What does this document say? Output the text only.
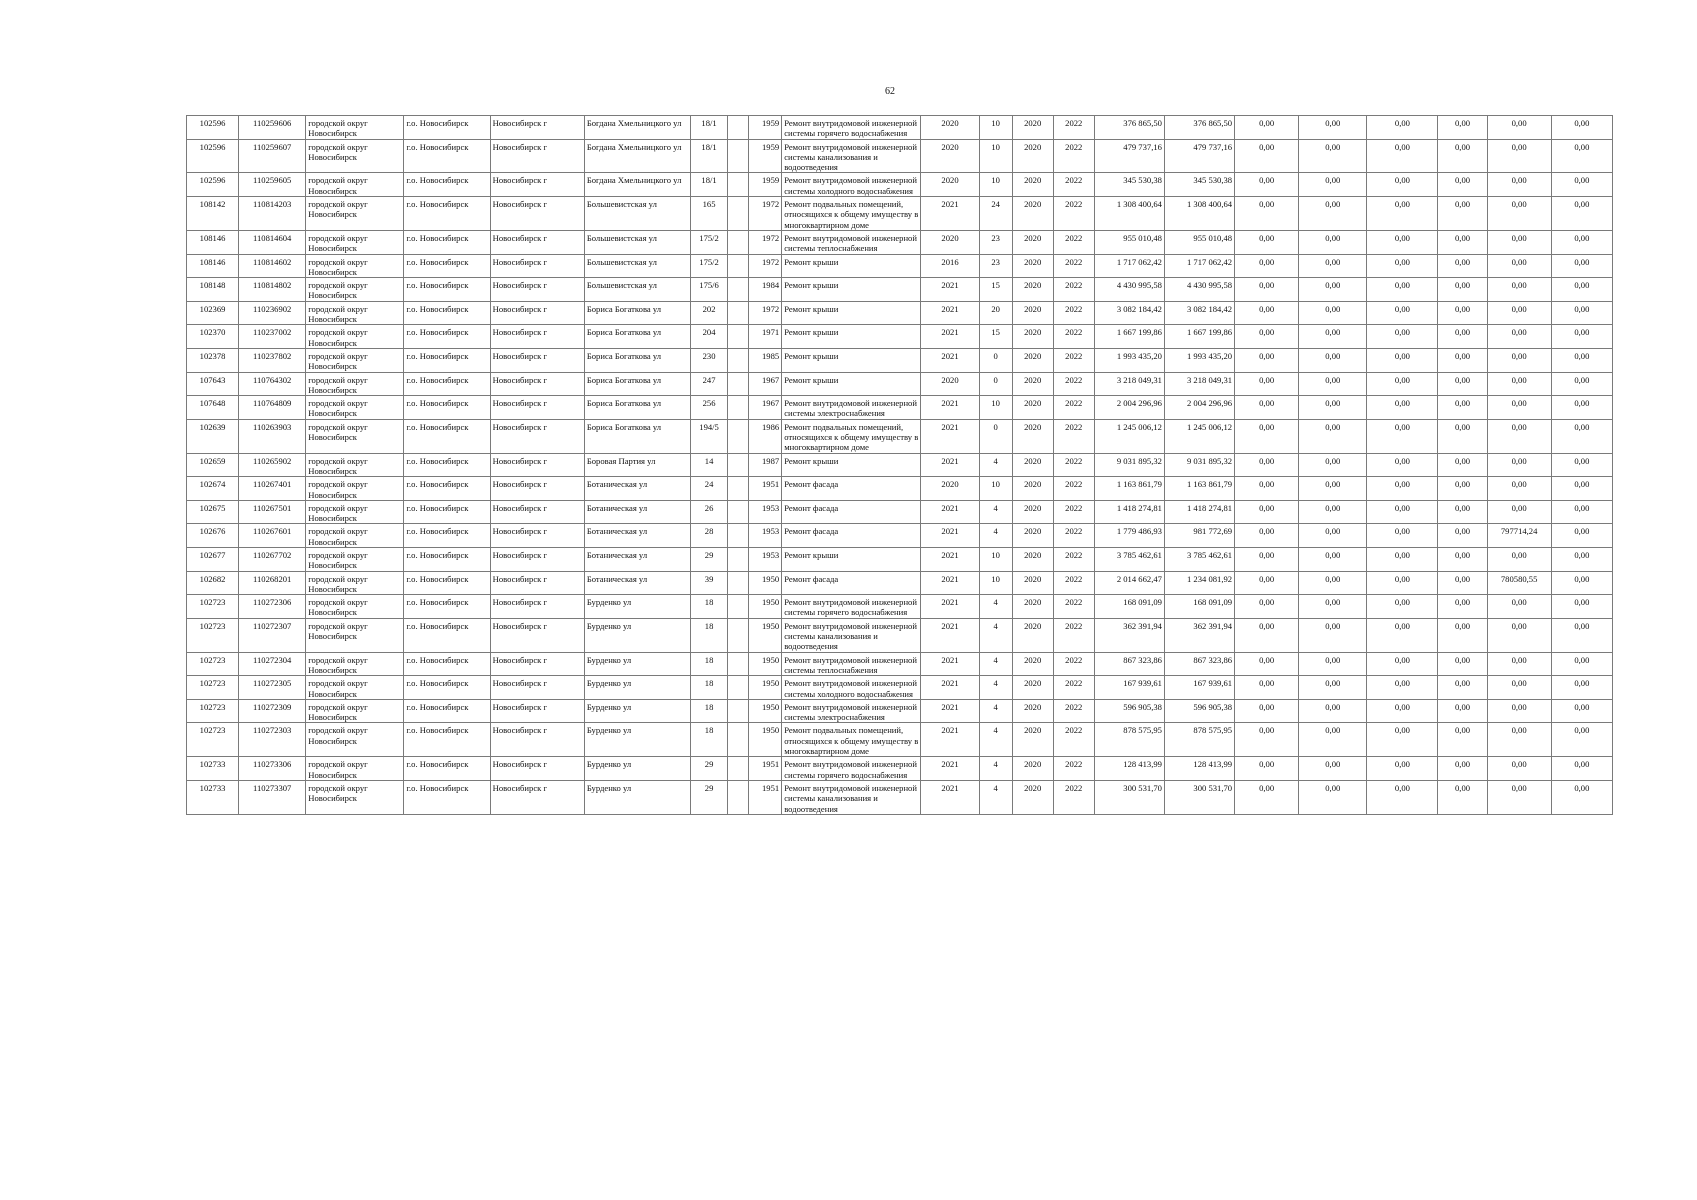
62
102596	110259606	городской округ Новосибирск	г.о. Новосибирск	Новосибирск г	Богдана Хмельницкого ул	18/1		1959	Ремонт внутридомовой инженерной системы горячего водоснабжения	2020	10	2020	2022	376 865,50	376 865,50	0,00	0,00	0,00	0,00	0,00	0,00
102596	110259607	городской округ Новосибирск	г.о. Новосибирск	Новосибирск г	Богдана Хмельницкого ул	18/1		1959	Ремонт внутридомовой инженерной системы канализования и водоотведения	2020	10	2020	2022	479 737,16	479 737,16	0,00	0,00	0,00	0,00	0,00	0,00
102596	110259605	городской округ Новосибирск	г.о. Новосибирск	Новосибирск г	Богдана Хмельницкого ул	18/1		1959	Ремонт внутридомовой инженерной системы холодного водоснабжения	2020	10	2020	2022	345 530,38	345 530,38	0,00	0,00	0,00	0,00	0,00	0,00
108142	110814203	городской округ Новосибирск	г.о. Новосибирск	Новосибирск г	Большевистская ул	165		1972	Ремонт подвальных помещений, относящихся к общему имуществу в многоквартирном доме	2021	24	2020	2022	1 308 400,64	1 308 400,64	0,00	0,00	0,00	0,00	0,00	0,00
108146	110814604	городской округ Новосибирск	г.о. Новосибирск	Новосибирск г	Большевистская ул	175/2		1972	Ремонт внутридомовой инженерной системы теплоснабжения	2020	23	2020	2022	955 010,48	955 010,48	0,00	0,00	0,00	0,00	0,00	0,00
108146	110814602	городской округ Новосибирск	г.о. Новосибирск	Новосибирск г	Большевистская ул	175/2		1972	Ремонт крыши	2016	23	2020	2022	1 717 062,42	1 717 062,42	0,00	0,00	0,00	0,00	0,00	0,00
108148	110814802	городской округ Новосибирск	г.о. Новосибирск	Новосибирск г	Большевистская ул	175/6		1984	Ремонт крыши	2021	15	2020	2022	4 430 995,58	4 430 995,58	0,00	0,00	0,00	0,00	0,00	0,00
102369	110236902	городской округ Новосибирск	г.о. Новосибирск	Новосибирск г	Бориса Богаткова ул	202		1972	Ремонт крыши	2021	20	2020	2022	3 082 184,42	3 082 184,42	0,00	0,00	0,00	0,00	0,00	0,00
102370	110237002	городской округ Новосибирск	г.о. Новосибирск	Новосибирск г	Бориса Богаткова ул	204		1971	Ремонт крыши	2021	15	2020	2022	1 667 199,86	1 667 199,86	0,00	0,00	0,00	0,00	0,00	0,00
102378	110237802	городской округ Новосибирск	г.о. Новосибирск	Новосибирск г	Бориса Богаткова ул	230		1985	Ремонт крыши	2021	0	2020	2022	1 993 435,20	1 993 435,20	0,00	0,00	0,00	0,00	0,00	0,00
107643	110764302	городской округ Новосибирск	г.о. Новосибирск	Новосибирск г	Бориса Богаткова ул	247		1967	Ремонт крыши	2020	0	2020	2022	3 218 049,31	3 218 049,31	0,00	0,00	0,00	0,00	0,00	0,00
107648	110764809	городской округ Новосибирск	г.о. Новосибирск	Новосибирск г	Бориса Богаткова ул	256		1967	Ремонт внутридомовой инженерной системы электроснабжения	2021	10	2020	2022	2 004 296,96	2 004 296,96	0,00	0,00	0,00	0,00	0,00	0,00
102639	110263903	городской округ Новосибирск	г.о. Новосибирск	Новосибирск г	Бориса Богаткова ул	194/5		1986	Ремонт подвальных помещений, относящихся к общему имуществу в многоквартирном доме	2021	0	2020	2022	1 245 006,12	1 245 006,12	0,00	0,00	0,00	0,00	0,00	0,00
102659	110265902	городской округ Новосибирск	г.о. Новосибирск	Новосибирск г	Боровая Партия ул	14		1987	Ремонт крыши	2021	4	2020	2022	9 031 895,32	9 031 895,32	0,00	0,00	0,00	0,00	0,00	0,00
102674	110267401	городской округ Новосибирск	г.о. Новосибирск	Новосибирск г	Ботаническая ул	24		1951	Ремонт фасада	2020	10	2020	2022	1 163 861,79	1 163 861,79	0,00	0,00	0,00	0,00	0,00	0,00
102675	110267501	городской округ Новосибирск	г.о. Новосибирск	Новосибирск г	Ботаническая ул	26		1953	Ремонт фасада	2021	4	2020	2022	1 418 274,81	1 418 274,81	0,00	0,00	0,00	0,00	0,00	0,00
102676	110267601	городской округ Новосибирск	г.о. Новосибирск	Новосибирск г	Ботаническая ул	28		1953	Ремонт фасада	2021	4	2020	2022	1 779 486,93	981 772,69	0,00	0,00	0,00	0,00	797714,24	0,00
102677	110267702	городской округ Новосибирск	г.о. Новосибирск	Новосибирск г	Ботаническая ул	29		1953	Ремонт крыши	2021	10	2020	2022	3 785 462,61	3 785 462,61	0,00	0,00	0,00	0,00	0,00	0,00
102682	110268201	городской округ Новосибирск	г.о. Новосибирск	Новосибирск г	Ботаническая ул	39		1950	Ремонт фасада	2021	10	2020	2022	2 014 662,47	1 234 081,92	0,00	0,00	0,00	0,00	780580,55	0,00
102723	110272306	городской округ Новосибирск	г.о. Новосибирск	Новосибирск г	Бурденко ул	18		1950	Ремонт внутридомовой инженерной системы горячего водоснабжения	2021	4	2020	2022	168 091,09	168 091,09	0,00	0,00	0,00	0,00	0,00	0,00
102723	110272307	городской округ Новосибирск	г.о. Новосибирск	Новосибирск г	Бурденко ул	18		1950	Ремонт внутридомовой инженерной системы канализования и водоотведения	2021	4	2020	2022	362 391,94	362 391,94	0,00	0,00	0,00	0,00	0,00	0,00
102723	110272304	городской округ Новосибирск	г.о. Новосибирск	Новосибирск г	Бурденко ул	18		1950	Ремонт внутридомовой инженерной системы теплоснабжения	2021	4	2020	2022	867 323,86	867 323,86	0,00	0,00	0,00	0,00	0,00	0,00
102723	110272305	городской округ Новосибирск	г.о. Новосибирск	Новосибирск г	Бурденко ул	18		1950	Ремонт внутридомовой инженерной системы холодного водоснабжения	2021	4	2020	2022	167 939,61	167 939,61	0,00	0,00	0,00	0,00	0,00	0,00
102723	110272309	городской округ Новосибирск	г.о. Новосибирск	Новосибирск г	Бурденко ул	18		1950	Ремонт внутридомовой инженерной системы электроснабжения	2021	4	2020	2022	596 905,38	596 905,38	0,00	0,00	0,00	0,00	0,00	0,00
102723	110272303	городской округ Новосибирск	г.о. Новосибирск	Новосибирск г	Бурденко ул	18		1950	Ремонт подвальных помещений, относящихся к общему имуществу в многоквартирном доме	2021	4	2020	2022	878 575,95	878 575,95	0,00	0,00	0,00	0,00	0,00	0,00
102733	110273306	городской округ Новосибирск	г.о. Новосибирск	Новосибирск г	Бурденко ул	29		1951	Ремонт внутридомовой инженерной системы горячего водоснабжения	2021	4	2020	2022	128 413,99	128 413,99	0,00	0,00	0,00	0,00	0,00	0,00
102733	110273307	городской округ Новосибирск	г.о. Новосибирск	Новосибирск г	Бурденко ул	29		1951	Ремонт внутридомовой инженерной системы канализования и водоотведения	2021	4	2020	2022	300 531,70	300 531,70	0,00	0,00	0,00	0,00	0,00	0,00
